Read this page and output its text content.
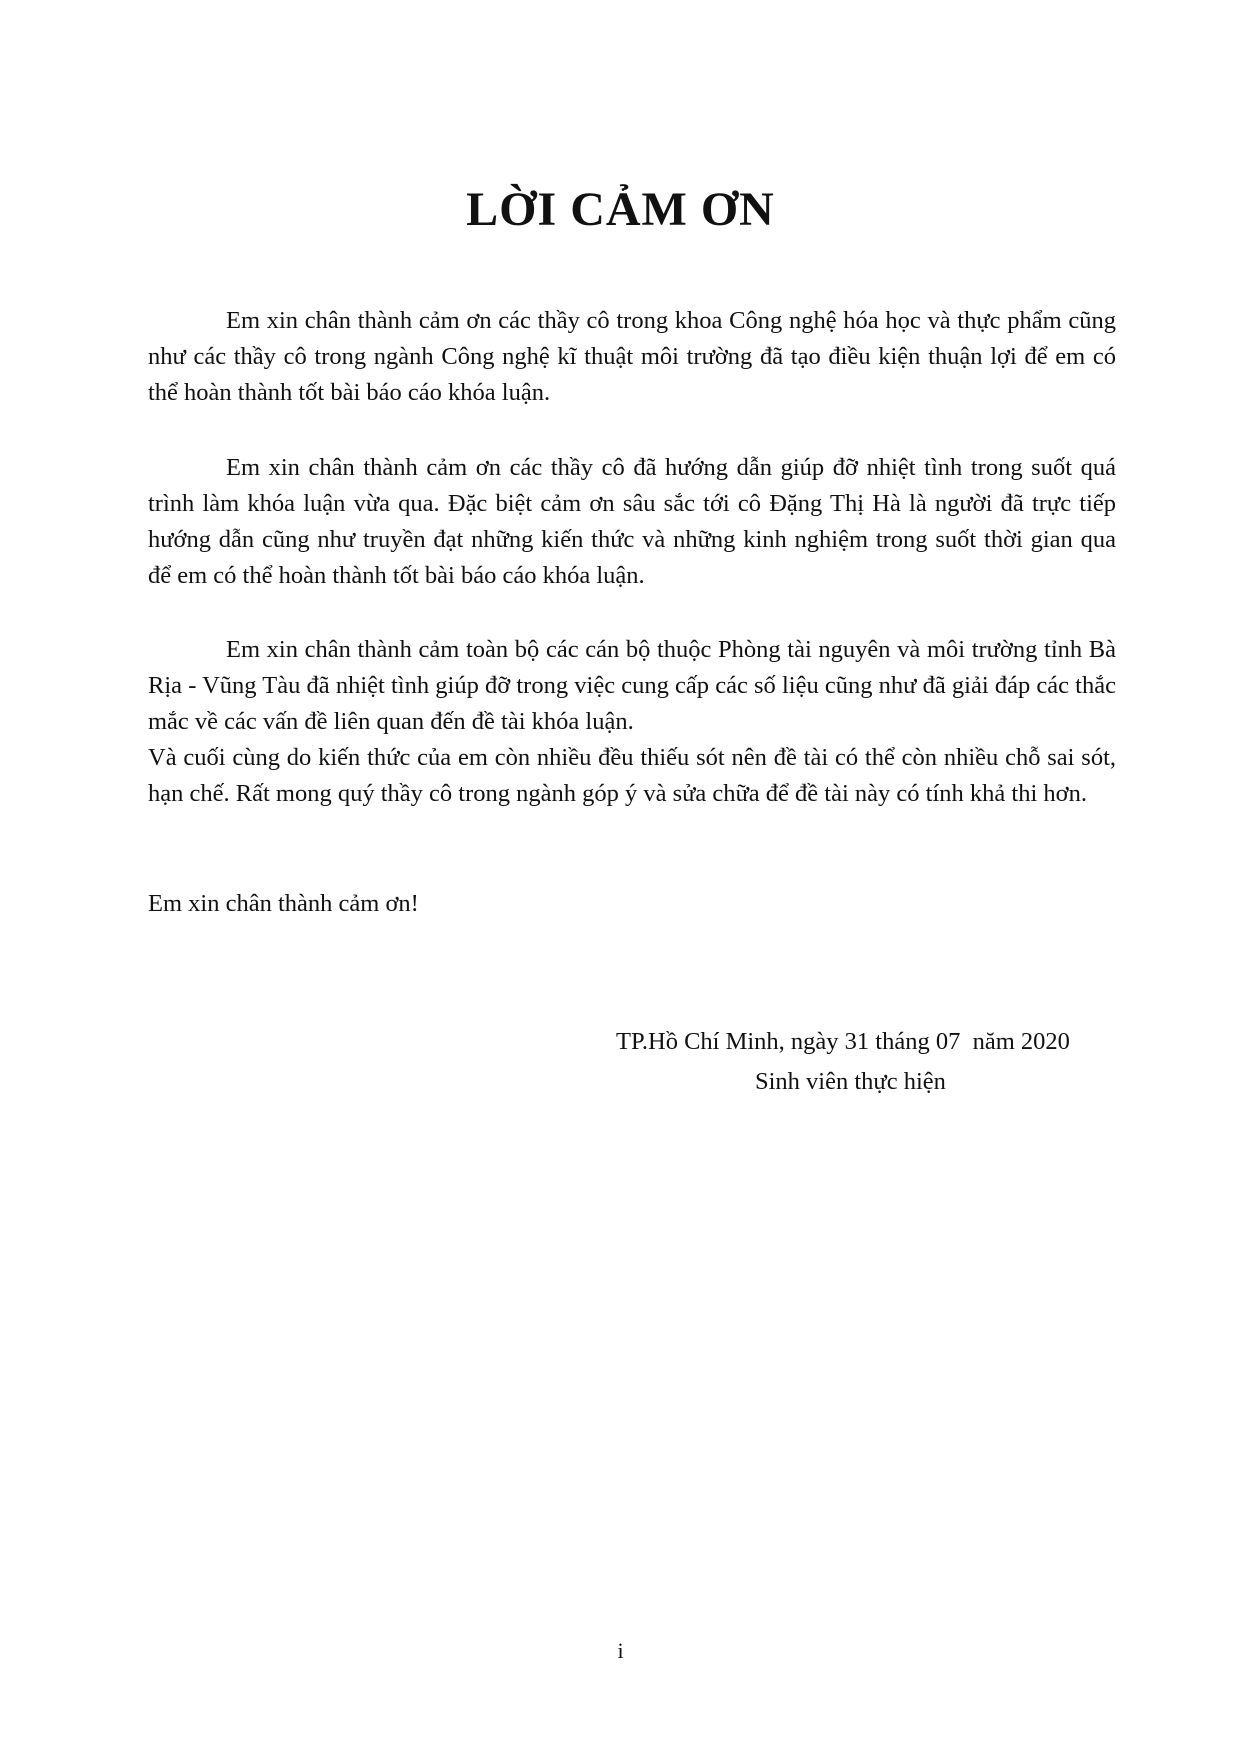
LỜI CẢM ƠN

Em xin chân thành cảm ơn các thầy cô trong khoa Công nghệ hóa học và thực phẩm cũng như các thầy cô trong ngành Công nghệ kĩ thuật môi trường đã tạo điều kiện thuận lợi để em có thể hoàn thành tốt bài báo cáo khóa luận.

Em xin chân thành cảm ơn các thầy cô đã hướng dẫn giúp đỡ nhiệt tình trong suốt quá trình làm khóa luận vừa qua. Đặc biệt cảm ơn sâu sắc tới cô Đặng Thị Hà là người đã trực tiếp hướng dẫn cũng như truyền đạt những kiến thức và những kinh nghiệm trong suốt thời gian qua để em có thể hoàn thành tốt bài báo cáo khóa luận.

Em xin chân thành cảm toàn bộ các cán bộ thuộc Phòng tài nguyên và môi trường tỉnh Bà Rịa - Vũng Tàu đã nhiệt tình giúp đỡ trong việc cung cấp các số liệu cũng như đã giải đáp các thắc mắc về các vấn đề liên quan đến đề tài khóa luận.

Và cuối cùng do kiến thức của em còn nhiều đều thiếu sót nên đề tài có thể còn nhiều chỗ sai sót, hạn chế. Rất mong quý thầy cô trong ngành góp ý và sửa chữa để đề tài này có tính khả thi hơn.

Em xin chân thành cảm ơn!

TP.Hồ Chí Minh, ngày 31 tháng 07  năm 2020

Sinh viên thực hiện

i
